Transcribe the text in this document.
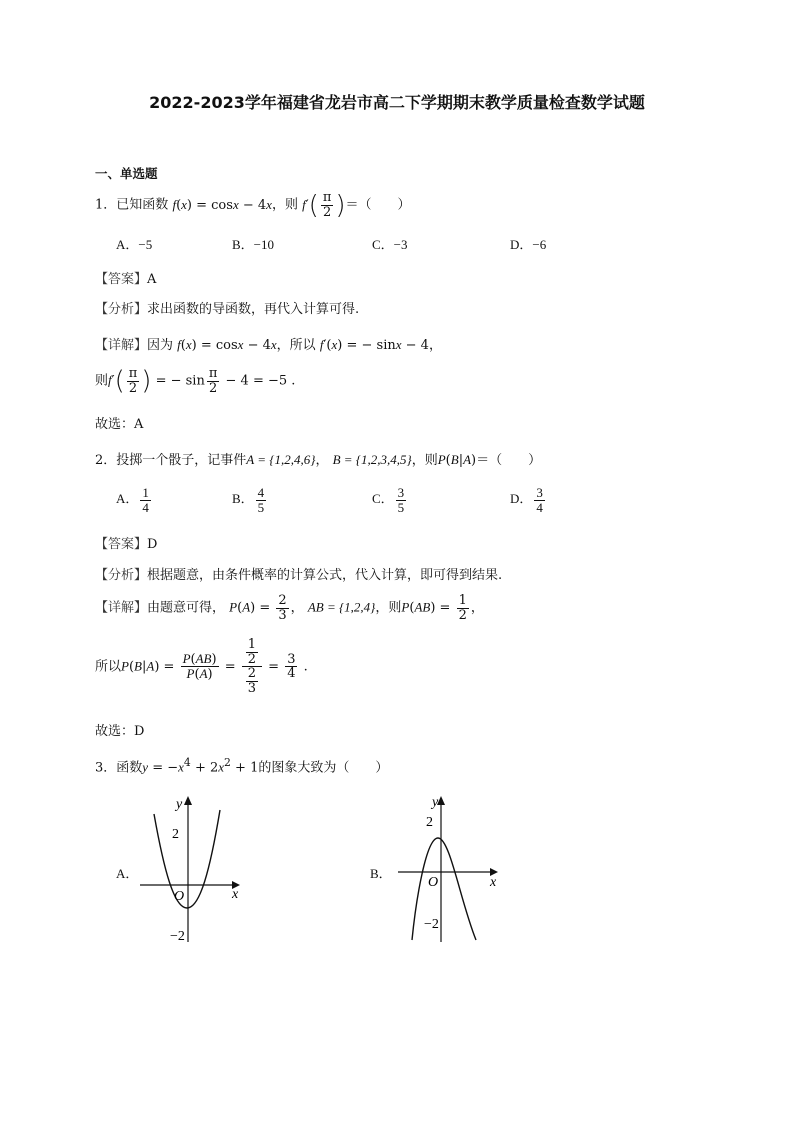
2022-2023学年福建省龙岩市高二下学期期末教学质量检查数学试题
一、单选题
1．已知函数 f(x) = cosx − 4x，则 $f'( \frac{\pi}{2}$ )＝（　　）
A．−5	B．−10	C．−3	D．−6
【答案】A
【分析】求出函数的导函数，再代入计算可得.
【详解】因为 f(x) = cosx − 4x，所以 f′(x) = − sinx − 4，
则$f'( \frac{\pi}{2}$ ) = − $\sin \frac{\pi}{2} - 4 = -5$ .
故选：A
2．投掷一个骰子，记事件A = {1,2,4,6}， B = {1,2,3,4,5}，则P(B|A)＝（　　）
A． $\frac{1}{4}$	B． $\frac{4}{5}$	C． $\frac{3}{5}$	D． $\frac{3}{4}$
【答案】D
【分析】根据题意，由条件概率的计算公式，代入计算，即可得到结果.
【详解】由题意可得， $P(A) = \frac{2}{3}$ ， AB = {1,2,4}，则$P(AB) = \frac{1}{2}$ ，
所以$P(B|A) = \frac{P(AB)}{P(A)} = \frac{\frac{1}{2}}{\frac{2}{3}} = \frac{3}{4}$ .
故选：D
3．函数$y = -x^4 + 2x^2 + 1$的图象大致为（　　）
A．
y
2
−2
O	x
B．
y
2
−2
O	x
